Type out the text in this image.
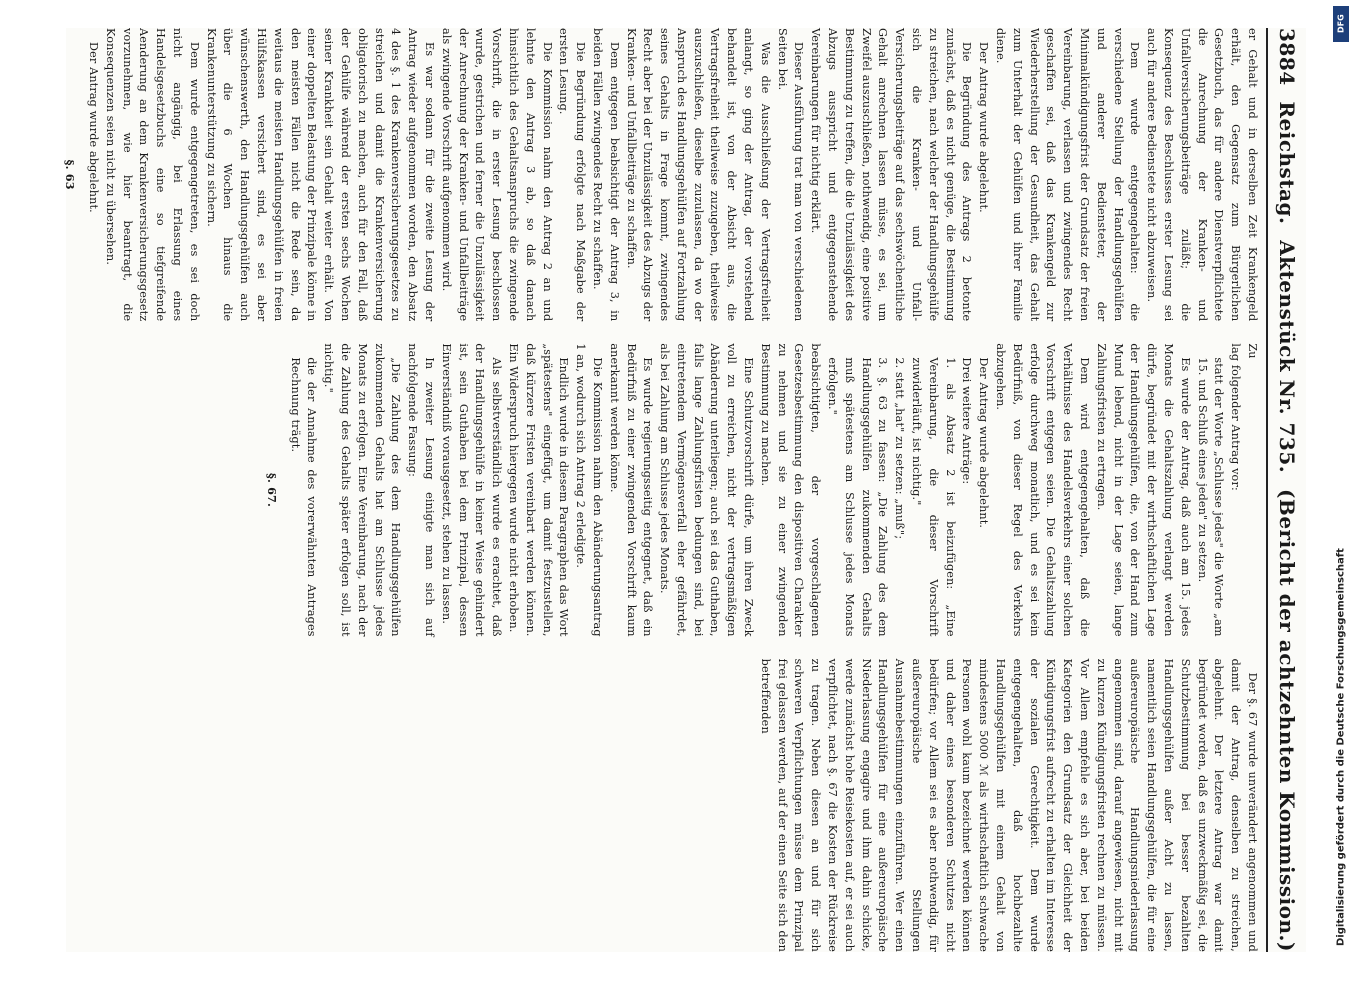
3884
Reichstag.
Aktenstück Nr. 735.
(Bericht der achtzehnten Kommission.)

er Gehalt und in derselben Zeit Krankengeld erhält, den Gegensatz zum Bürgerlichen Gesetzbuch, das für andere Dienstverpflichtete die Anrechnung der Kranken- und Unfallversicherungsbeiträge zuläßt; die Konsequenz des Beschlusses erster Lesung sei auch für andere Bedienstete nicht abzuweisen.

Dem wurde entgegengehalten: die verschiedene Stellung der Handlungsgehülfen und anderer Bediensteter, der Minimalkündigungsfrist der Grundsatz der freien Vereinbarung, verlassen und zwingendes Recht geschaffen sei, daß das Krankengeld zur Wiederherstellung der Gesundheit, das Gehalt zum Unterhalt der Gehülfen und ihrer Familie diene.

Der Antrag wurde abgelehnt.

Die Begründung des Antrags 2 betonte zunächst, daß es nicht genüge, die Bestimmung zu streichen, nach welcher der Handlungsgehülfe sich die Kranken- und Unfall-Versicherungsbeiträge auf das sechswöchentliche Gehalt anrechnen lassen müsse, es sei, um Zweifel auszuschließen, nothwendig, eine positive Bestimmung zu treffen, die die Unzulässigkeit des Abzugs ausspricht und entgegenstehende Vereinbarungen für nichtig erklärt.

Dieser Ausführung trat man von verschiedenen Seiten bei.

Was die Ausschließung der Vertragsfreiheit anlangt, so ging der Antrag, der vorstehend behandelt ist, von der Absicht aus, die Vertragsfreiheit theilweise zuzugeben, theilweise auszuschließen, dieselbe zuzulassen, da wo der Anspruch des Handlungsgehülfen auf Fortzahlung seines Gehalts in Frage kommt, zwingendes Recht aber bei der Unzulässigkeit des Abzugs der Kranken- und Unfallbeiträge zu schaffen.

Dem entgegen beabsichtigt der Antrag 3, in beiden Fällen zwingendes Recht zu schaffen.

Die Begründung erfolgte nach Maßgabe der ersten Lesung.

Die Kommission nahm den Antrag 2 an und lehnte den Antrag 3 ab, so daß danach hinsichtlich des Gehaltsanspruchs die zwingende Vorschrift, die in erster Lesung beschlossen wurde, gestrichen und ferner die Unzulässigkeit der Anrechnung der Kranken- und Unfallbeiträge als zwingende Vorschrift aufgenommen wird.

Es war sodann für die zweite Lesung der Antrag wieder aufgenommen worden, den Absatz 4 des §. 1 des Krankenversicherungsgesetzes zu streichen und damit die Krankenversicherung obligatorisch zu machen, auch für den Fall, daß der Gehülfe während der ersten sechs Wochen seiner Krankheit sein Gehalt weiter erhält. Von einer doppelten Belastung der Prinzipale könne in den meisten Fällen nicht die Rede sein, da weitaus die meisten Handlungsgehülfen in freien Hülfskassen versichert sind, es sei aber wünschenswerth, den Handlungsgehülfen auch über die 6 Wochen hinaus die Krankenunterstützung zu sichern.

Dem wurde entgegengetreten, es sei doch nicht angängig, bei Erlassung eines Handelsgesetzbuchs eine so tiefgreifende Aenderung an dem Krankenversicherungsgesetz vorzunehmen, wie hier beantragt, die Konsequenzen seien nicht zu übersehen.

Der Antrag wurde abgelehnt.

§. 63

Zu

lag folgender Antrag vor:

statt der Worte „Schlusse jedes" die Worte „am 15. und Schluß eines jeden" zu setzen.

Es wurde der Antrag, daß auch am 15. jedes Monats die Gehaltszahlung verlangt werden dürfe, begründet mit der wirthschaftlichen Lage der Handlungsgehülfen, die, von der Hand zum Mund lebend, nicht in der Lage seien, lange Zahlungsfristen zu ertragen.

Dem wird entgegengehalten, daß die Verhältnisse des Handelsverkehrs einer solchen Vorschrift entgegen seien. Die Gehaltszahlung erfolge durchweg monatlich, und es sei kein Bedürfniß, von dieser Regel des Verkehrs abzugehen.

Der Antrag wurde abgelehnt.

Drei weitere Anträge:

1. als Absatz 2 ist beizufügen: „Eine Vereinbarung, die dieser Vorschrift zuwiderläuft, ist nichtig."

2. statt „hat" zu setzen: „muß";

3. §. 63 zu fassen: „Die Zahlung des dem Handlungsgehülfen zukommenden Gehalts muß spätestens am Schlusse jedes Monats erfolgen."

beabsichtigten, der vorgeschlagenen Gesetzesbestimmung den dispositiven Charakter zu nehmen und sie zu einer zwingenden Bestimmung zu machen.

Eine Schutzvorschrift dürfe, um ihren Zweck voll zu erreichen, nicht der vertragsmäßigen Abänderung unterliegen; auch sei das Guthaben, falls lange Zahlungsfristen bedungen sind, bei eintretendem Vermögensverfall eher gefährdet, als bei Zahlung am Schlusse jedes Monats.

Es wurde regierungsseitig entgegnet, daß ein Bedürfniß zu einer zwingenden Vorschrift kaum anerkannt werden könne.

Die Kommission nahm den Abänderungsantrag 1 an, wodurch sich Antrag 2 erledigte.

Endlich wurde in diesem Paragraphen das Wort „spätestens" eingefügt, um damit festzustellen, daß kürzere Fristen vereinbart werden können. Ein Widerspruch hiergegen wurde nicht erhoben.

Als selbstverständlich wurde es erachtet, daß der Handlungsgehülfe in keiner Weise gehindert ist, sein Guthaben bei dem Prinzipal, dessen Einverständniß vorausgesetzt, stehen zu lassen.

In zweiter Lesung einigte man sich auf nachfolgende Fassung:

„Die Zahlung des dem Handlungsgehülfen zukommenden Gehalts hat am Schlusse jedes Monats zu erfolgen. Eine Vereinbarung, nach der die Zahlung des Gehalts später erfolgen soll, ist nichtig."

die der Annahme des vorerwähnten Antrages Rechnung trägt.

§. 67.

Der §. 67 wurde unverändert angenommen und damit der Antrag, denselben zu streichen, abgelehnt. Der letztere Antrag war damit begründet worden, daß es unzweckmäßig sei, die Schutzbestimmung bei besser bezahlten Handlungsgehülfen außer Acht zu lassen, namentlich seien Handlungsgehülfen, die für eine außereuropäische Handlungsniederlassung angenommen sind, darauf angewiesen, nicht mit zu kurzen Kündigungsfristen rechnen zu müssen. Vor Allem empfehle es sich aber, bei beiden Kategorien den Grundsatz der Gleichheit der Kündigungsfrist aufrecht zu erhalten im Interesse der sozialen Gerechtigkeit. Dem wurde entgegengehalten, daß hochbezahlte Handlungsgehülfen mit einem Gehalt von mindestens 5000 ℳ als wirthschaftlich schwache Personen wohl kaum bezeichnet werden können und daher eines besonderen Schutzes nicht bedürfen; vor Allem sei es aber nothwendig, für außereuropäische Stellungen Ausnahmebestimmungen einzuführen. Wer einen Handlungsgehülfen für eine außereuropäische Niederlassung engagire und ihm dahin schicke, werde zunächst hohe Reisekosten auf, er sei auch verpflichtet, nach §. 67 die Kosten der Rückreise zu tragen. Neben diesen an und für sich schweren Verpflichtungen müsse dem Prinzipal frei gelassen werden, auf der einen Seite sich den betreffenden

DFG
Digitalisierung gefördert durch die Deutsche Forschungsgemeinschaft
